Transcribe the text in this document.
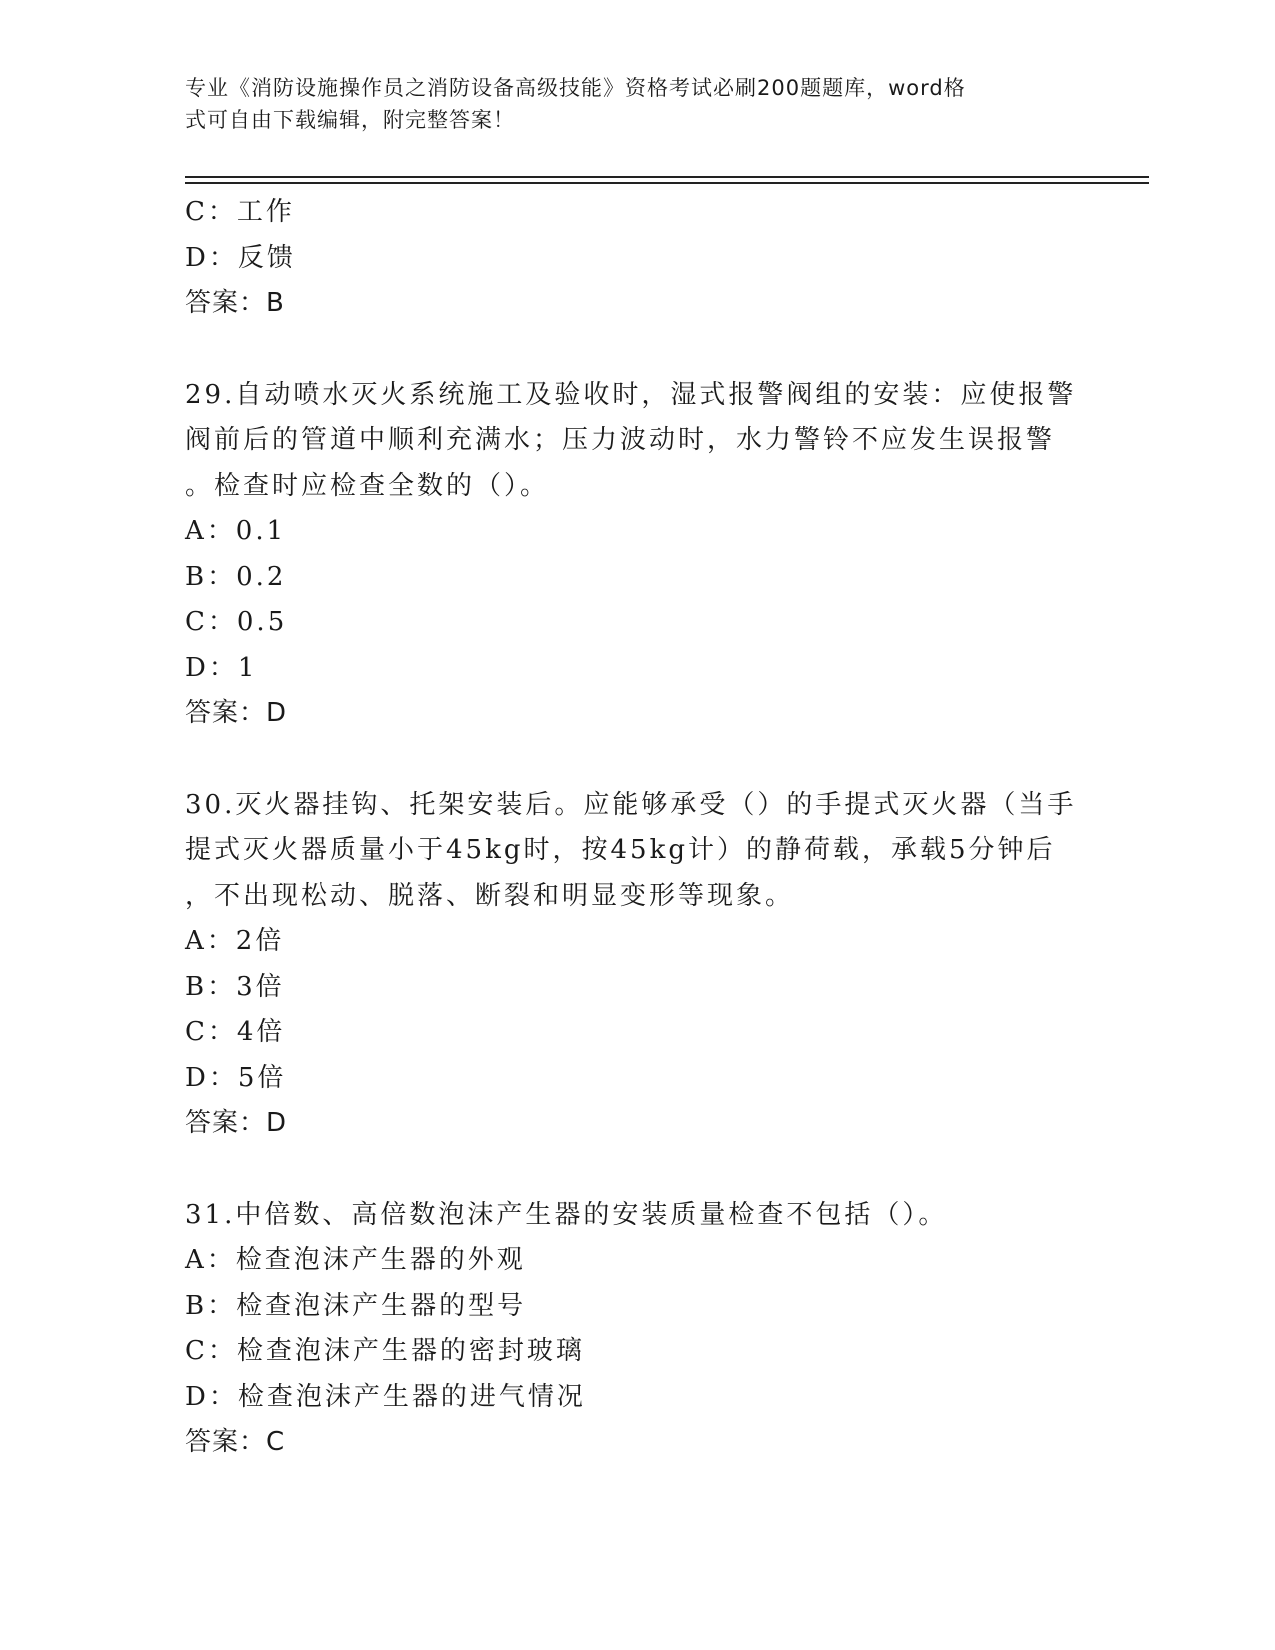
专业《消防设施操作员之消防设备高级技能》资格考试必刷200题题库，word格
式可自由下载编辑，附完整答案！
C：工作
D：反馈
答案：B
29.自动喷水灭火系统施工及验收时，湿式报警阀组的安装：应使报警
阀前后的管道中顺利充满水；压力波动时，水力警铃不应发生误报警
。检查时应检查全数的（）。
A：0.1
B：0.2
C：0.5
D：1
答案：D
30.灭火器挂钩、托架安装后。应能够承受（）的手提式灭火器（当手
提式灭火器质量小于45kg时，按45kg计）的静荷载，承载5分钟后
，不出现松动、脱落、断裂和明显变形等现象。
A：2倍
B：3倍
C：4倍
D：5倍
答案：D
31.中倍数、高倍数泡沫产生器的安装质量检查不包括（）。
A：检查泡沫产生器的外观
B：检查泡沫产生器的型号
C：检查泡沫产生器的密封玻璃
D：检查泡沫产生器的进气情况
答案：C
